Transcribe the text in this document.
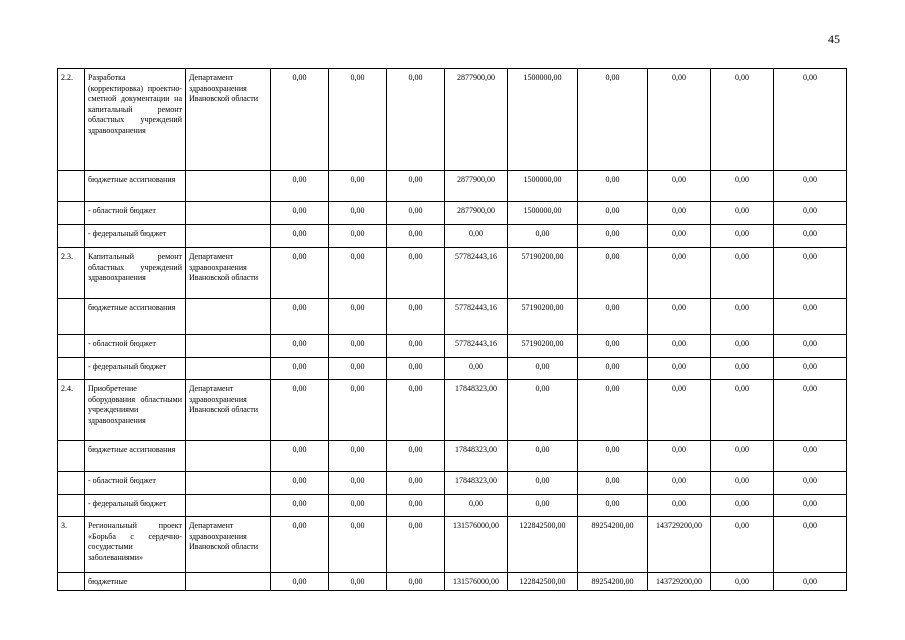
45
2.2.	Разработка (корректировка) проектно-сметной документации на капитальный ремонт областных учреждений здравоохранения	Департамент здравоохранения Ивановской области	0,00	0,00	0,00	2877900,00	1500000,00	0,00	0,00	0,00	0,00
	бюджетные ассигнования		0,00	0,00	0,00	2877900,00	1500000,00	0,00	0,00	0,00	0,00
	- областной бюджет		0,00	0,00	0,00	2877900,00	1500000,00	0,00	0,00	0,00	0,00
	- федеральный бюджет		0,00	0,00	0,00	0,00	0,00	0,00	0,00	0,00	0,00
2.3.	Капитальный ремонт областных учреждений здравоохранения	Департамент здравоохранения Ивановской области	0,00	0,00	0,00	57782443,16	57190200,00	0,00	0,00	0,00	0,00
	бюджетные ассигнования		0,00	0,00	0,00	57782443,16	57190200,00	0,00	0,00	0,00	0,00
	- областной бюджет		0,00	0,00	0,00	57782443,16	57190200,00	0,00	0,00	0,00	0,00
	- федеральный бюджет		0,00	0,00	0,00	0,00	0,00	0,00	0,00	0,00	0,00
2.4.	Приобретение оборудования областными учреждениями здравоохранения	Департамент здравоохранения Ивановской области	0,00	0,00	0,00	17848323,00	0,00	0,00	0,00	0,00	0,00
	бюджетные ассигнования		0,00	0,00	0,00	17848323,00	0,00	0,00	0,00	0,00	0,00
	- областной бюджет		0,00	0,00	0,00	17848323,00	0,00	0,00	0,00	0,00	0,00
	- федеральный бюджет		0,00	0,00	0,00	0,00	0,00	0,00	0,00	0,00	0,00
3.	Региональный проект «Борьба с сердечно-сосудистыми заболеваниями»	Департамент здравоохранения Ивановской области	0,00	0,00	0,00	131576000,00	122842500,00	89254200,00	143729200,00	0,00	0,00
	бюджетные		0,00	0,00	0,00	131576000,00	122842500,00	89254200,00	143729200,00	0,00	0,00
